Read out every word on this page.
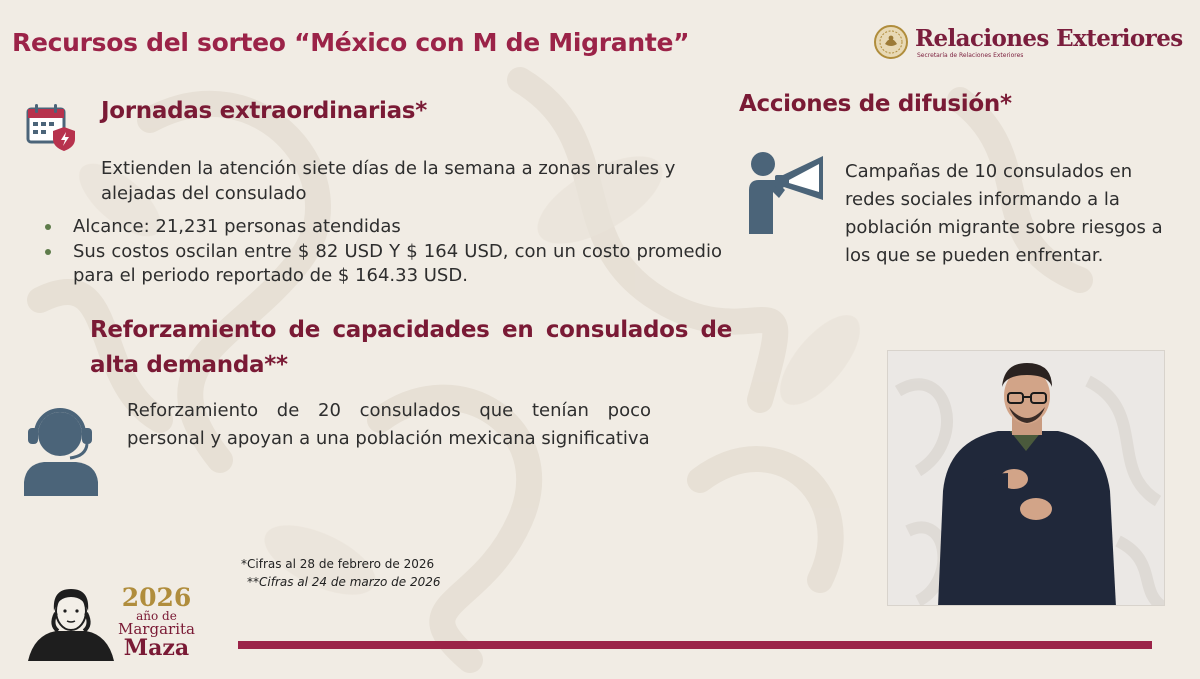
Recursos del sorteo “México con M de Migrante”	Relaciones Exteriores
Secretaría de Relaciones Exteriores
Jornadas extraordinarias*
Extienden la atención siete días de la semana a zonas rurales y alejadas del consulado
Alcance: 21,231 personas atendidas
Sus costos oscilan entre $ 82 USD Y $ 164 USD, con un costo promedio para el periodo reportado de $ 164.33 USD.
Reforzamiento de capacidades en consulados de alta demanda**
Reforzamiento de 20 consulados que tenían poco personal y apoyan a una población mexicana significativa
Acciones de difusión*
Campañas de 10 consulados en redes sociales informando a la población migrante sobre riesgos a los que se pueden enfrentar.
*Cifras al 28 de febrero de 2026
**Cifras al 24 de marzo de 2026
2026
año de
Margarita
Maza
